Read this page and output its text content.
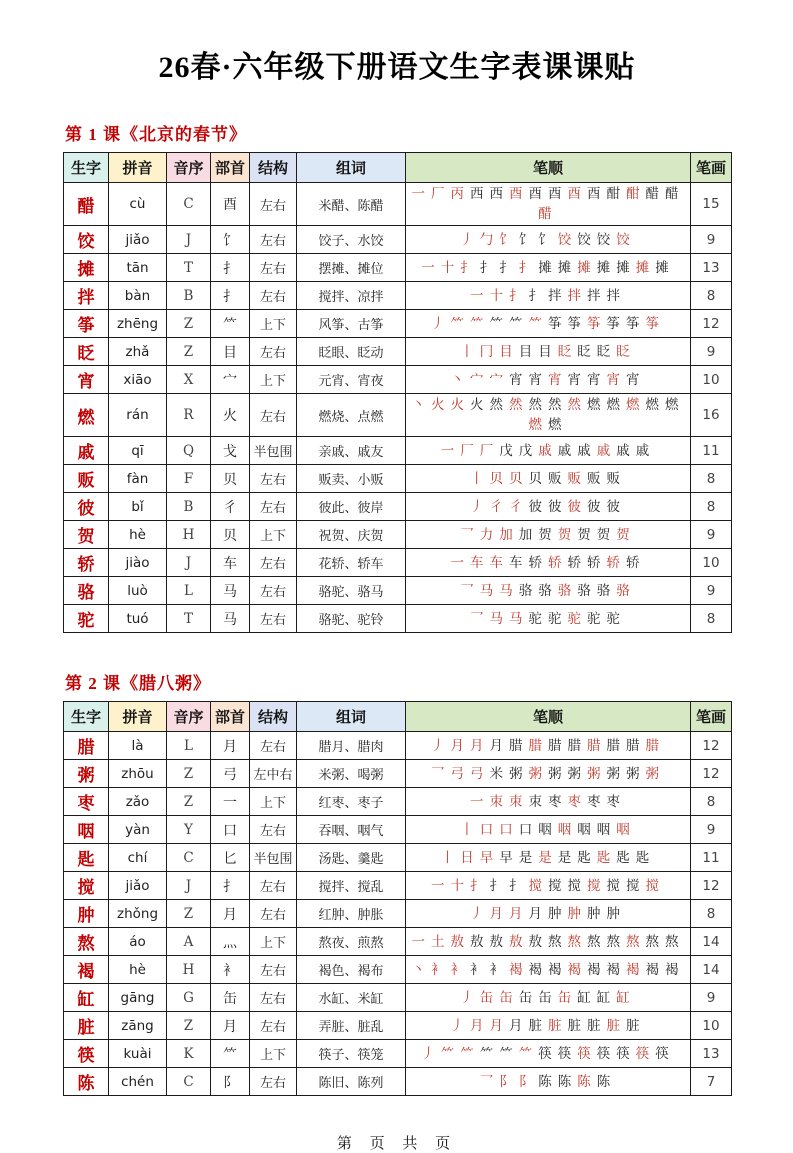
26春·六年级下册语文生字表课课贴
第 1 课《北京的春节》
生字	拼音	音序	部首	结构	组词	笔顺	笔画
醋	cù	C	酉	左右	米醋、陈醋	一 厂 丙 西 西 酉 酉 酉 酉 酉 酣 酣 醋 醋醋	15
饺	jiǎo	J	饣	左右	饺子、水饺	丿 勹 饣 饣 饣 饺 饺 饺 饺	9
摊	tān	T	扌	左右	摆摊、摊位	一 十 扌 扌 扌 扌 摊 摊 摊 摊 摊 摊 摊	13
拌	bàn	B	扌	左右	搅拌、凉拌	一 十 扌 扌 拌 拌 拌 拌	8
筝	zhēng	Z	⺮	上下	风筝、古筝	丿 ⺮ ⺮ ⺮ ⺮ ⺮ 筝 筝 筝 筝 筝 筝	12
眨	zhǎ	Z	目	左右	眨眼、眨动	丨 冂 目 目 目 眨 眨 眨 眨	9
宵	xiāo	X	宀	上下	元宵、宵夜	丶 宀 宀 宵 宵 宵 宵 宵 宵 宵	10
燃	rán	R	火	左右	燃烧、点燃	丶 火 火 火 然 然 然 然 然 燃 燃 燃 燃 燃燃 燃	16
戚	qī	Q	戈	半包围	亲戚、戚友	一 厂 厂 戊 戊 戚 戚 戚 戚 戚 戚	11
贩	fàn	F	贝	左右	贩卖、小贩	丨 贝 贝 贝 贩 贩 贩 贩	8
彼	bǐ	B	彳	左右	彼此、彼岸	丿 彳 彳 彼 彼 彼 彼 彼	8
贺	hè	H	贝	上下	祝贺、庆贺	乛 力 加 加 贺 贺 贺 贺 贺	9
轿	jiào	J	车	左右	花轿、轿车	一 车 车 车 轿 轿 轿 轿 轿 轿	10
骆	luò	L	马	左右	骆驼、骆马	乛 马 马 骆 骆 骆 骆 骆 骆	9
驼	tuó	T	马	左右	骆驼、驼铃	乛 马 马 驼 驼 驼 驼 驼	8
第 2 课《腊八粥》
生字	拼音	音序	部首	结构	组词	笔顺	笔画
腊	là	L	月	左右	腊月、腊肉	丿 月 月 月 腊 腊 腊 腊 腊 腊 腊 腊	12
粥	zhōu	Z	弓	左中右	米粥、喝粥	乛 弓 弓 米 粥 粥 粥 粥 粥 粥 粥 粥	12
枣	zǎo	Z	一	上下	红枣、枣子	一 朿 朿 朿 枣 枣 枣 枣	8
咽	yàn	Y	口	左右	吞咽、咽气	丨 口 口 口 咽 咽 咽 咽 咽	9
匙	chí	C	匕	半包围	汤匙、羹匙	丨 日 早 早 是 是 是 匙 匙 匙 匙	11
搅	jiǎo	J	扌	左右	搅拌、搅乱	一 十 扌 扌 扌 搅 搅 搅 搅 搅 搅 搅	12
肿	zhǒng	Z	月	左右	红肿、肿胀	丿 月 月 月 肿 肿 肿 肿	8
熬	áo	A	灬	上下	熬夜、煎熬	一 土 敖 敖 敖 敖 敖 熬 熬 熬 熬 熬 熬 熬	14
褐	hè	H	衤	左右	褐色、褐布	丶 衤 衤 衤 衤 褐 褐 褐 褐 褐 褐 褐 褐 褐	14
缸	gāng	G	缶	左右	水缸、米缸	丿 缶 缶 缶 缶 缶 缸 缸 缸	9
脏	zāng	Z	月	左右	弄脏、脏乱	丿 月 月 月 脏 脏 脏 脏 脏 脏	10
筷	kuài	K	⺮	上下	筷子、筷笼	丿 ⺮ ⺮ ⺮ ⺮ ⺮ 筷 筷 筷 筷 筷 筷 筷	13
陈	chén	C	阝	左右	陈旧、陈列	乛 阝 阝 陈 陈 陈 陈	7
第 页 共 页
